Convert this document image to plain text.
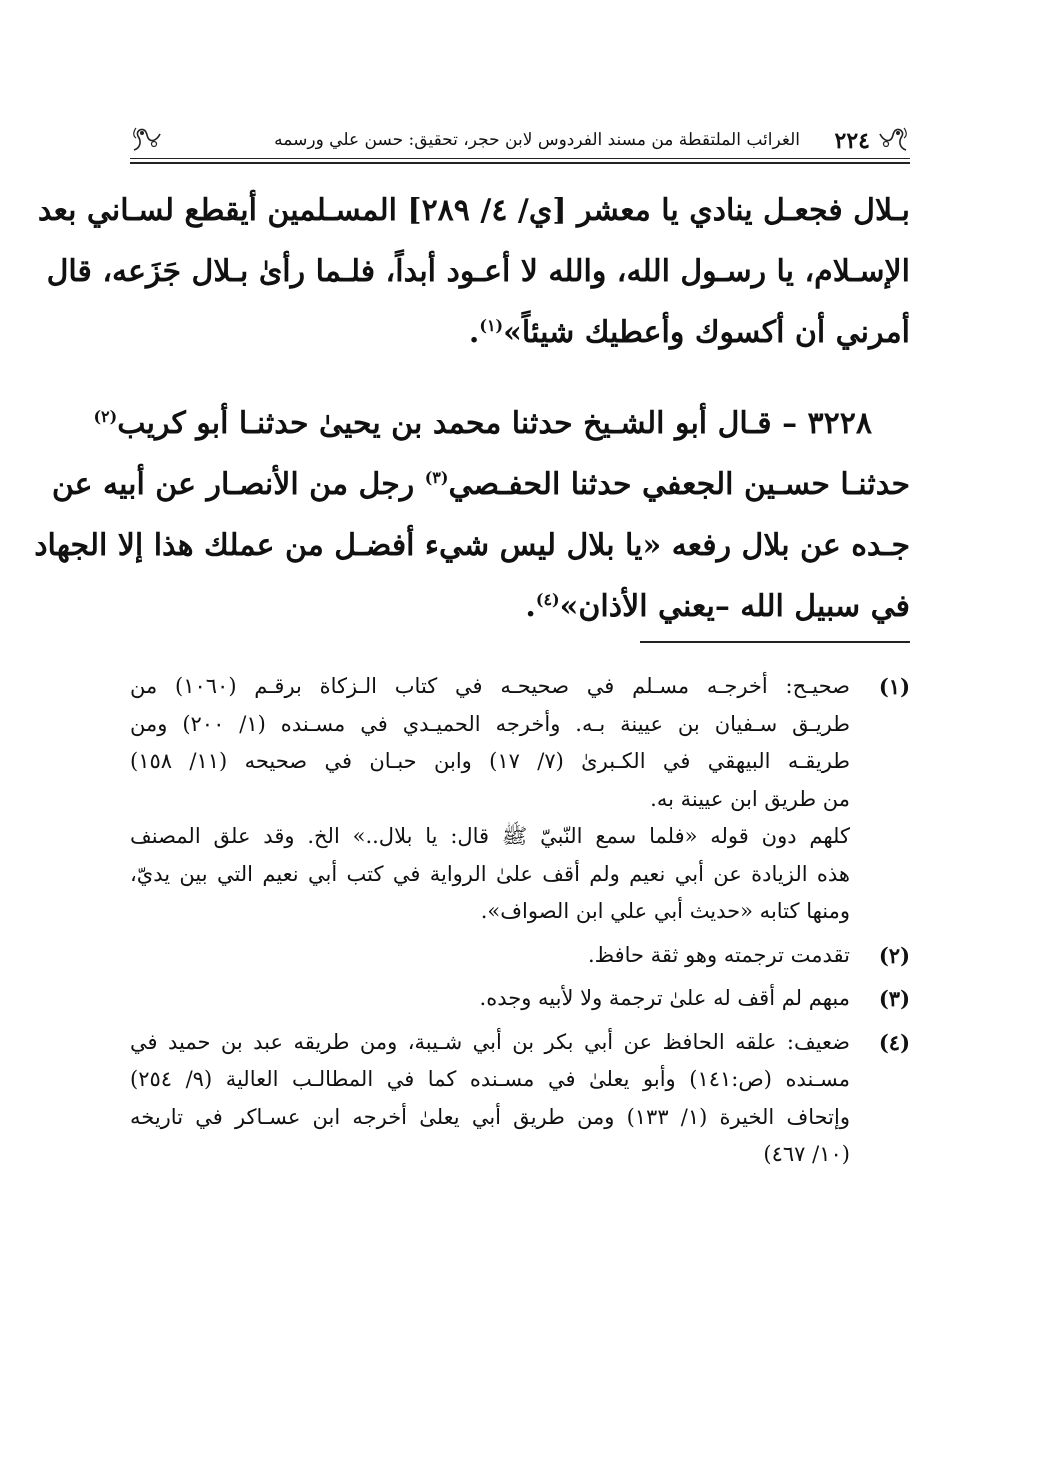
٢٢٤
الغرائب الملتقطة من مسند الفردوس لابن حجر، تحقيق: حسن علي ورسمه
بـلال فجعـل ينادي يا معشر [ي/ ٤/ ٢٨٩] المسـلمين أيقطع لسـاني بعد
الإسـلام، يا رسـول الله، والله لا أعـود أبداً، فلـما رأىٰ بـلال جَزَعه، قال
أمرني أن أكسوك وأعطيك شيئاً»$^{(١)}$.
٣٢٢٨ – قـال أبو الشـيخ حدثنا محمد بن يحيىٰ حدثنـا أبو كريب$^{(٢)}$
حدثنـا حسـين الجعفي حدثنا الحفـصي$^{(٣)}$ رجل من الأنصـار عن أبيه عن
جـده عن بلال رفعه «يا بلال ليس شيء أفضـل من عملك هذا إلا الجهاد
في سبيل الله –يعني الأذان»$^{(٤)}$.
(١)
صحيـح: أخرجـه مسـلم في صحيحـه في كتاب الـزكاة برقـم (١٠٦٠) من
طريـق سـفيان بن عيينة بـه. وأخرجه الحميـدي في مسـنده (١/ ٢٠٠) ومن
طريقـه البيهقي في الكـبرىٰ (٧/ ١٧) وابن حبـان في صحيحه (١١/ ١٥٨)
من طريق ابن عيينة به.
كلهم دون قوله «فلما سمع النّبيّ ﷺ قال: يا بلال..» الخ. وقد علق المصنف
هذه الزيادة عن أبي نعيم ولم أقف علىٰ الرواية في كتب أبي نعيم التي بين يديّ،
ومنها كتابه «حديث أبي علي ابن الصواف».
(٢)
تقدمت ترجمته وهو ثقة حافظ.
(٣)
مبهم لم أقف له علىٰ ترجمة ولا لأبيه وجده.
(٤)
ضعيف: علقه الحافظ عن أبي بكر بن أبي شـيبة، ومن طريقه عبد بن حميد في
مسـنده (ص:١٤١) وأبو يعلىٰ في مسـنده كما في المطالـب العالية (٩/ ٢٥٤)
وإتحاف الخيرة (١/ ١٣٣) ومن طريق أبي يعلىٰ أخرجه ابن عسـاكر في تاريخه
(١٠/ ٤٦٧)
